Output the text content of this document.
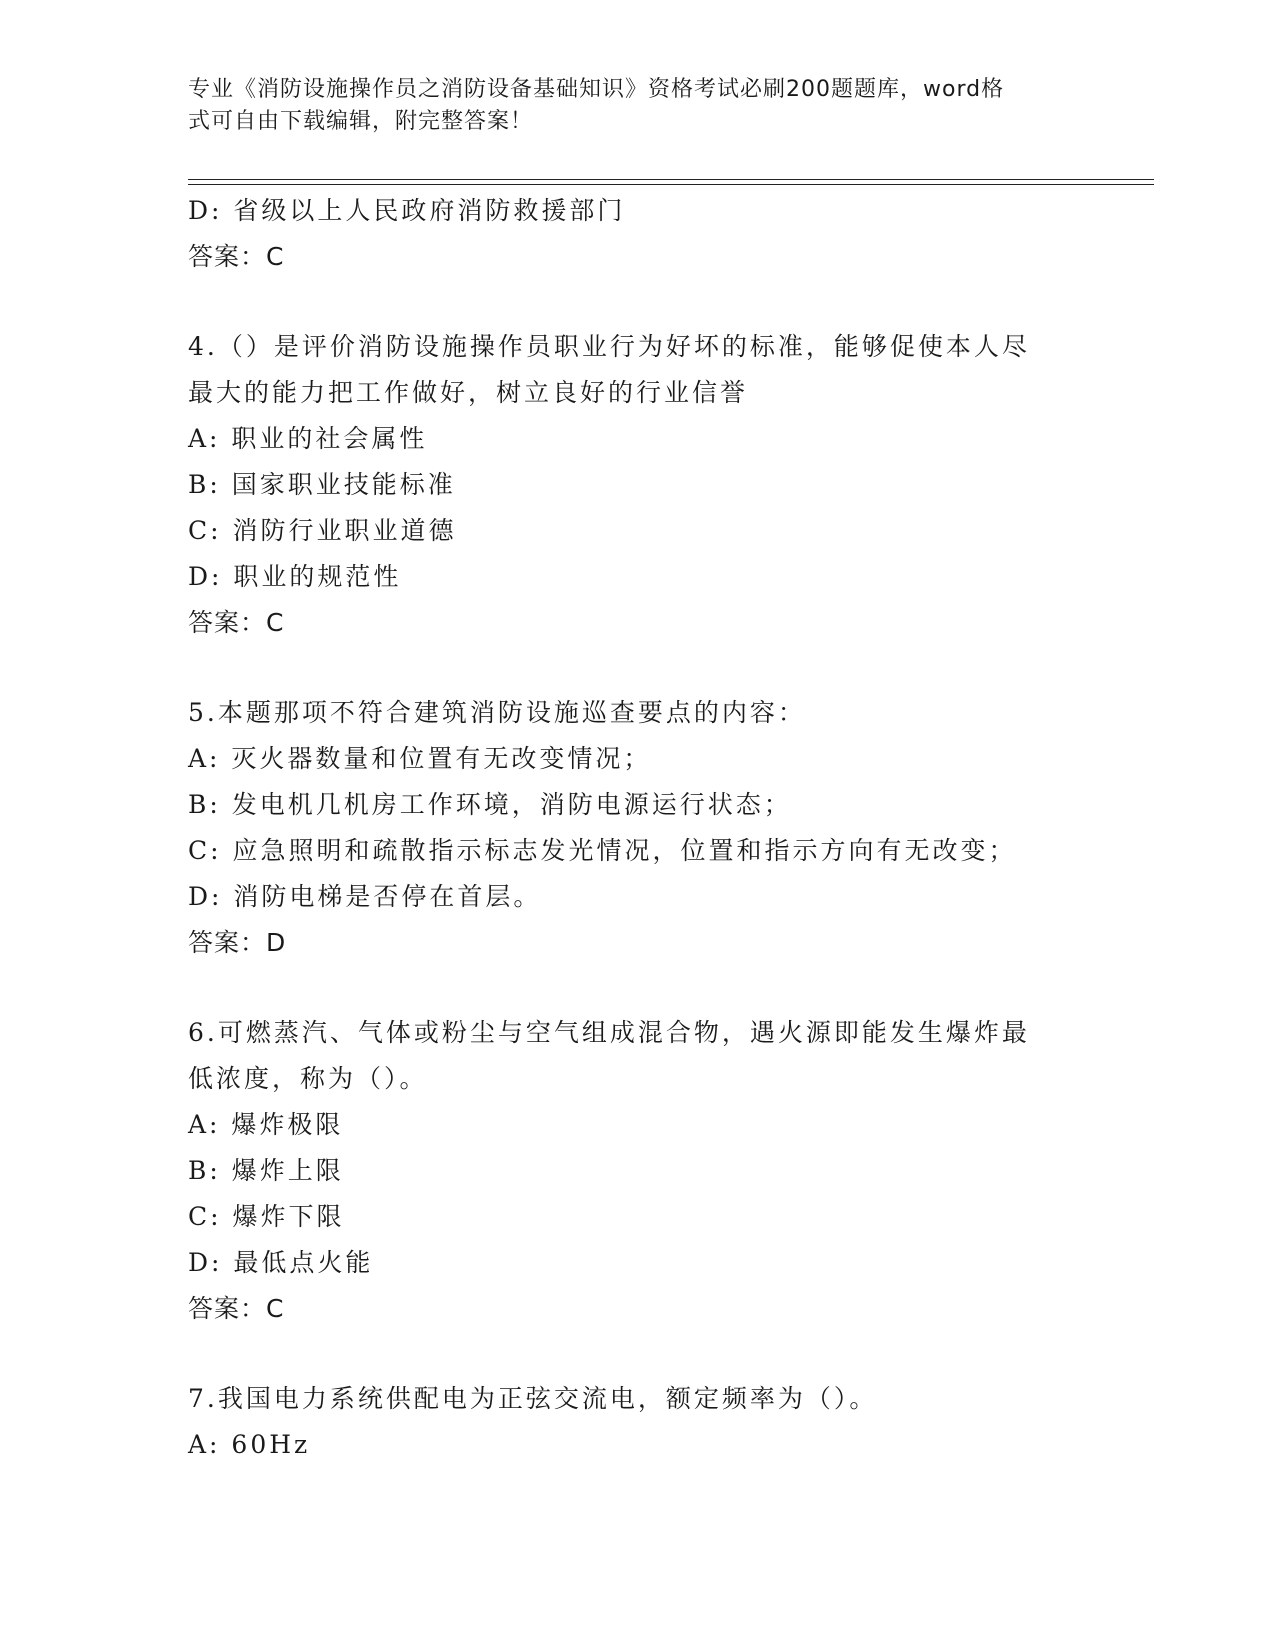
专业《消防设施操作员之消防设备基础知识》资格考试必刷200题题库，word格
式可自由下载编辑，附完整答案！
D: 省级以上人民政府消防救援部门
答案：C
4.（）是评价消防设施操作员职业行为好坏的标准，能够促使本人尽
最大的能力把工作做好，树立良好的行业信誉
A: 职业的社会属性
B: 国家职业技能标准
C: 消防行业职业道德
D: 职业的规范性
答案：C
5.本题那项不符合建筑消防设施巡查要点的内容：
A: 灭火器数量和位置有无改变情况；
B: 发电机几机房工作环境，消防电源运行状态；
C: 应急照明和疏散指示标志发光情况，位置和指示方向有无改变；
D: 消防电梯是否停在首层。
答案：D
6.可燃蒸汽、气体或粉尘与空气组成混合物，遇火源即能发生爆炸最
低浓度，称为（）。
A: 爆炸极限
B: 爆炸上限
C: 爆炸下限
D: 最低点火能
答案：C
7.我国电力系统供配电为正弦交流电，额定频率为（）。
A: 60Hz
